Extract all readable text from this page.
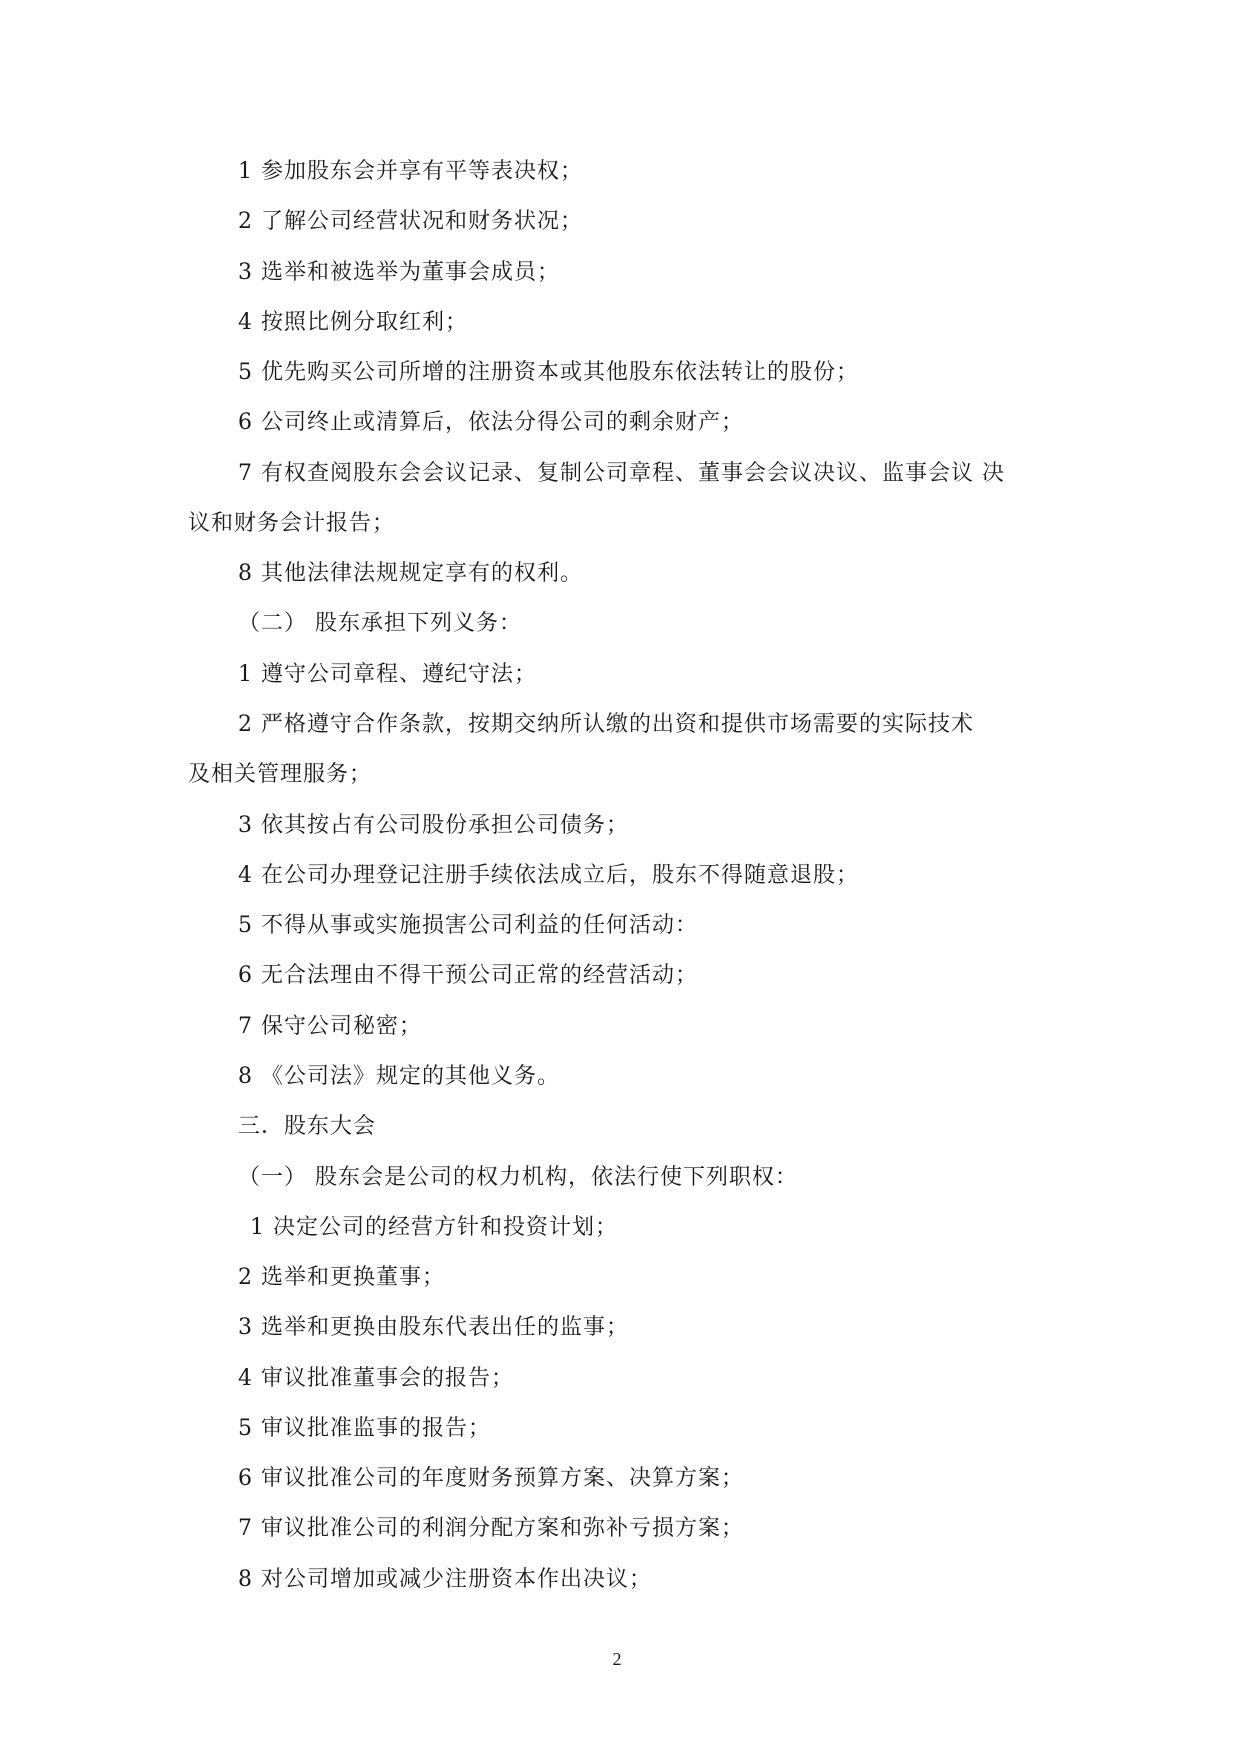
1 参加股东会并享有平等表决权；
2 了解公司经营状况和财务状况；
3 选举和被选举为董事会成员；
4 按照比例分取红利；
5 优先购买公司所增的注册资本或其他股东依法转让的股份；
6 公司终止或清算后，依法分得公司的剩余财产；
7 有权查阅股东会会议记录、复制公司章程、董事会会议决议、监事会议 决
议和财务会计报告；
8 其他法律法规规定享有的权利。
（二） 股东承担下列义务：
1 遵守公司章程、遵纪守法；
2 严格遵守合作条款，按期交纳所认缴的出资和提供市场需要的实际技术
及相关管理服务；
3 依其按占有公司股份承担公司债务；
4 在公司办理登记注册手续依法成立后，股东不得随意退股；
5 不得从事或实施损害公司利益的任何活动：
6 无合法理由不得干预公司正常的经营活动；
7 保守公司秘密；
8 《公司法》规定的其他义务。
三．股东大会
（一） 股东会是公司的权力机构，依法行使下列职权：
1 决定公司的经营方针和投资计划；
2 选举和更换董事；
3 选举和更换由股东代表出任的监事；
4 审议批准董事会的报告；
5 审议批准监事的报告；
6 审议批准公司的年度财务预算方案、决算方案；
7 审议批准公司的利润分配方案和弥补亏损方案；
8 对公司增加或减少注册资本作出决议；
2
